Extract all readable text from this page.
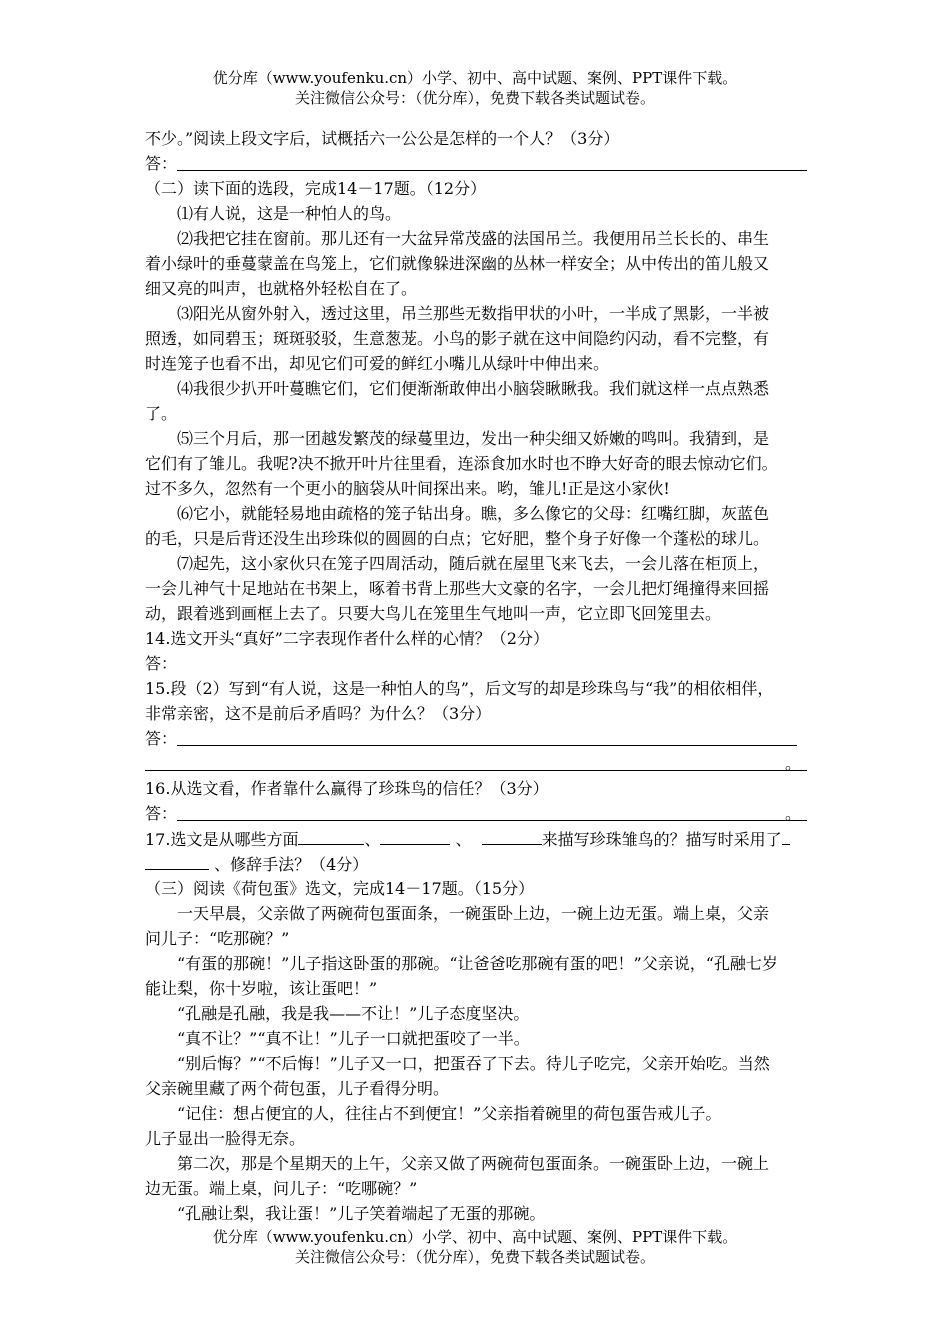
优分库（www.youfenku.cn）小学、初中、高中试题、案例、PPT课件下载。
关注微信公众号：（优分库），免费下载各类试题试卷。
不少。”阅读上段文字后，试概括六一公公是怎样的一个人？（3分）
答：
（二）读下面的选段，完成14－17题。（12分）
⑴有人说，这是一种怕人的鸟。
⑵我把它挂在窗前。那儿还有一大盆异常茂盛的法国吊兰。我便用吊兰长长的、串生
着小绿叶的垂蔓蒙盖在鸟笼上，它们就像躲进深幽的丛林一样安全；从中传出的笛儿般又
细又亮的叫声，也就格外轻松自在了。
⑶阳光从窗外射入，透过这里，吊兰那些无数指甲状的小叶，一半成了黑影，一半被
照透，如同碧玉；斑斑驳驳，生意葱茏。小鸟的影子就在这中间隐约闪动，看不完整，有
时连笼子也看不出，却见它们可爱的鲜红小嘴儿从绿叶中伸出来。
⑷我很少扒开叶蔓瞧它们，它们便渐渐敢伸出小脑袋瞅瞅我。我们就这样一点点熟悉
了。
⑸三个月后，那一团越发繁茂的绿蔓里边，发出一种尖细又娇嫩的鸣叫。我猜到，是
它们有了雏儿。我呢?决不掀开叶片往里看，连添食加水时也不睁大好奇的眼去惊动它们。
过不多久，忽然有一个更小的脑袋从叶间探出来。哟，雏儿!正是这小家伙!
⑹它小，就能轻易地由疏格的笼子钻出身。瞧，多么像它的父母：红嘴红脚，灰蓝色
的毛，只是后背还没生出珍珠似的圆圆的白点；它好肥，整个身子好像一个蓬松的球儿。
⑺起先，这小家伙只在笼子四周活动，随后就在屋里飞来飞去，一会儿落在柜顶上，
一会儿神气十足地站在书架上，啄着书背上那些大文豪的名字，一会儿把灯绳撞得来回摇
动，跟着逃到画框上去了。只要大鸟儿在笼里生气地叫一声，它立即飞回笼里去。
14.选文开头“真好”二字表现作者什么样的心情？（2分）
答：
15.段（2）写到“有人说，这是一种怕人的鸟”，后文写的却是珍珠鸟与“我”的相依相伴，
非常亲密，这不是前后矛盾吗？为什么？（3分）
答：
。
16.从选文看，作者靠什么赢得了珍珠鸟的信任？（3分）
答：	。
17.选文是从哪些方面	、	、	来描写珍珠雏鸟的？描写时采用了
、修辞手法？（4分）
（三）阅读《荷包蛋》选文，完成14－17题。（15分）
一天早晨，父亲做了两碗荷包蛋面条，一碗蛋卧上边，一碗上边无蛋。端上桌，父亲
问儿子：“吃那碗？”
“有蛋的那碗！”儿子指这卧蛋的那碗。“让爸爸吃那碗有蛋的吧！”父亲说，“孔融七岁
能让梨，你十岁啦，该让蛋吧！”
“孔融是孔融，我是我——不让！”儿子态度坚决。
“真不让？”“真不让！”儿子一口就把蛋咬了一半。
“别后悔？”“不后悔！”儿子又一口，把蛋吞了下去。待儿子吃完，父亲开始吃。当然
父亲碗里藏了两个荷包蛋，儿子看得分明。
“记住：想占便宜的人，往往占不到便宜！”父亲指着碗里的荷包蛋告戒儿子。
儿子显出一脸得无奈。
第二次，那是个星期天的上午，父亲又做了两碗荷包蛋面条。一碗蛋卧上边，一碗上
边无蛋。端上桌，问儿子：“吃哪碗？”
“孔融让梨，我让蛋！”儿子笑着端起了无蛋的那碗。
优分库（www.youfenku.cn）小学、初中、高中试题、案例、PPT课件下载。
关注微信公众号：（优分库），免费下载各类试题试卷。
